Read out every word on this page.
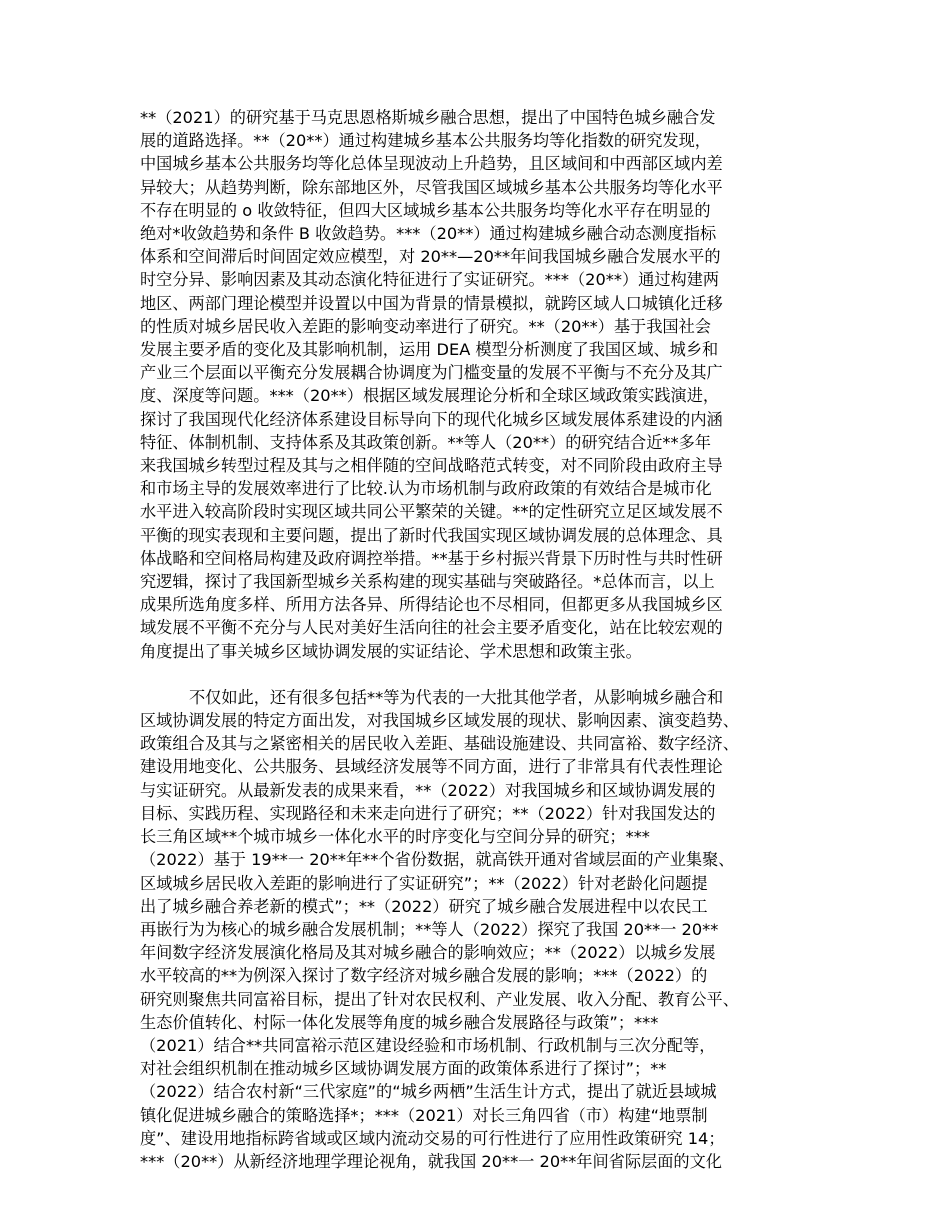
**（2021）的研究基于马克思恩格斯城乡融合思想，提出了中国特色城乡融合发
展的道路选择。**（20**）通过构建城乡基本公共服务均等化指数的研究发现，
中国城乡基本公共服务均等化总体呈现波动上升趋势，且区域间和中西部区域内差
异较大；从趋势判断，除东部地区外，尽管我国区域城乡基本公共服务均等化水平
不存在明显的 o 收敛特征，但四大区域城乡基本公共服务均等化水平存在明显的
绝对*收敛趋势和条件 B 收敛趋势。***（20**）通过构建城乡融合动态测度指标
体系和空间滞后时间固定效应模型，对 20**—20**年间我国城乡融合发展水平的
时空分异、影响因素及其动态演化特征进行了实证研究。***（20**）通过构建两
地区、两部门理论模型并设置以中国为背景的情景模拟，就跨区域人口城镇化迁移
的性质对城乡居民收入差距的影响变动率进行了研究。**（20**）基于我国社会
发展主要矛盾的变化及其影响机制，运用 DEA 模型分析测度了我国区域、城乡和
产业三个层面以平衡充分发展耦合协调度为门槛变量的发展不平衡与不充分及其广
度、深度等问题。***（20**）根据区域发展理论分析和全球区域政策实践演进，
探讨了我国现代化经济体系建设目标导向下的现代化城乡区域发展体系建设的内涵
特征、体制机制、支持体系及其政策创新。**等人（20**）的研究结合近**多年
来我国城乡转型过程及其与之相伴随的空间战略范式转变，对不同阶段由政府主导
和市场主导的发展效率进行了比较.认为市场机制与政府政策的有效结合是城市化
水平进入较高阶段时实现区域共同公平繁荣的关键。**的定性研究立足区域发展不
平衡的现实表现和主要问题，提出了新时代我国实现区域协调发展的总体理念、具
体战略和空间格局构建及政府调控举措。**基于乡村振兴背景下历时性与共时性研
究逻辑，探讨了我国新型城乡关系构建的现实基础与突破路径。*总体而言，以上
成果所选角度多样、所用方法各异、所得结论也不尽相同，但都更多从我国城乡区
域发展不平衡不充分与人民对美好生活向往的社会主要矛盾变化，站在比较宏观的
角度提出了事关城乡区域协调发展的实证结论、学术思想和政策主张。
不仅如此，还有很多包括**等为代表的一大批其他学者，从影响城乡融合和
区域协调发展的特定方面出发，对我国城乡区域发展的现状、影响因素、演变趋势、
政策组合及其与之紧密相关的居民收入差距、基础设施建设、共同富裕、数字经济、
建设用地变化、公共服务、县域经济发展等不同方面，进行了非常具有代表性理论
与实证研究。从最新发表的成果来看，**（2022）对我国城乡和区域协调发展的
目标、实践历程、实现路径和未来走向进行了研究；**（2022）针对我国发达的
长三角区域**个城市城乡一体化水平的时序变化与空间分异的研究；***
（2022）基于 19**一 20**年**个省份数据，就高铁开通对省域层面的产业集聚、
区域城乡居民收入差距的影响进行了实证研究”；**（2022）针对老龄化问题提
出了城乡融合养老新的模式”；**（2022）研究了城乡融合发展进程中以农民工
再嵌行为为核心的城乡融合发展机制；**等人（2022）探究了我国 20**一 20**
年间数字经济发展演化格局及其对城乡融合的影响效应；**（2022）以城乡发展
水平较高的**为例深入探讨了数字经济对城乡融合发展的影响；***（2022）的
研究则聚焦共同富裕目标，提出了针对农民权利、产业发展、收入分配、教育公平、
生态价值转化、村际一体化发展等角度的城乡融合发展路径与政策”；***
（2021）结合**共同富裕示范区建设经验和市场机制、行政机制与三次分配等，
对社会组织机制在推动城乡区域协调发展方面的政策体系进行了探讨”；**
（2022）结合农村新“三代家庭”的“城乡两栖”生活生计方式，提出了就近县域城
镇化促进城乡融合的策略选择*；***（2021）对长三角四省（市）构建“地票制
度”、建设用地指标跨省域或区域内流动交易的可行性进行了应用性政策研究 14；
***（20**）从新经济地理学理论视角，就我国 20**一 20**年间省际层面的文化
